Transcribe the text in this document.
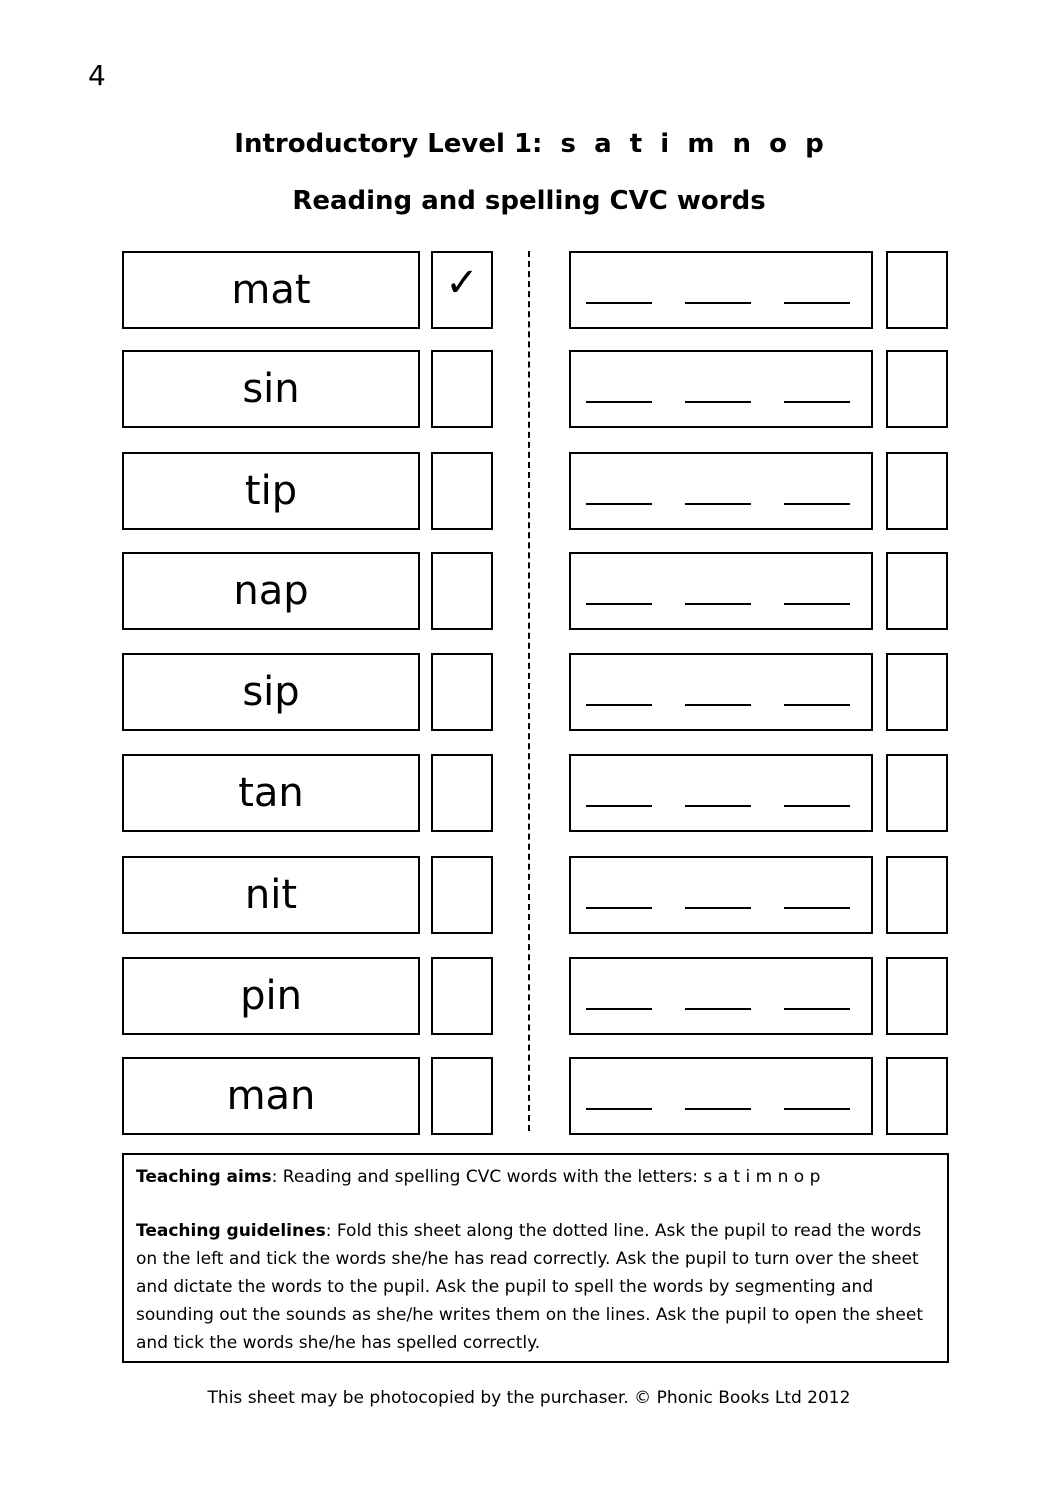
4
Introductory Level 1:  s  a  t  i  m  n  o  p
Reading and spelling CVC words
mat	✓
sin
tip
nap
sip
tan
nit
pin
man

Teaching aims: Reading and spelling CVC words with the letters: s a t i m n o p

Teaching guidelines: Fold this sheet along the dotted line. Ask the pupil to read the words on the left and tick the words she/he has read correctly. Ask the pupil to turn over the sheet and dictate the words to the pupil. Ask the pupil to spell the words by segmenting and sounding out the sounds as she/he writes them on the lines. Ask the pupil to open the sheet and tick the words she/he has spelled correctly.

This sheet may be photocopied by the purchaser. © Phonic Books Ltd 2012
